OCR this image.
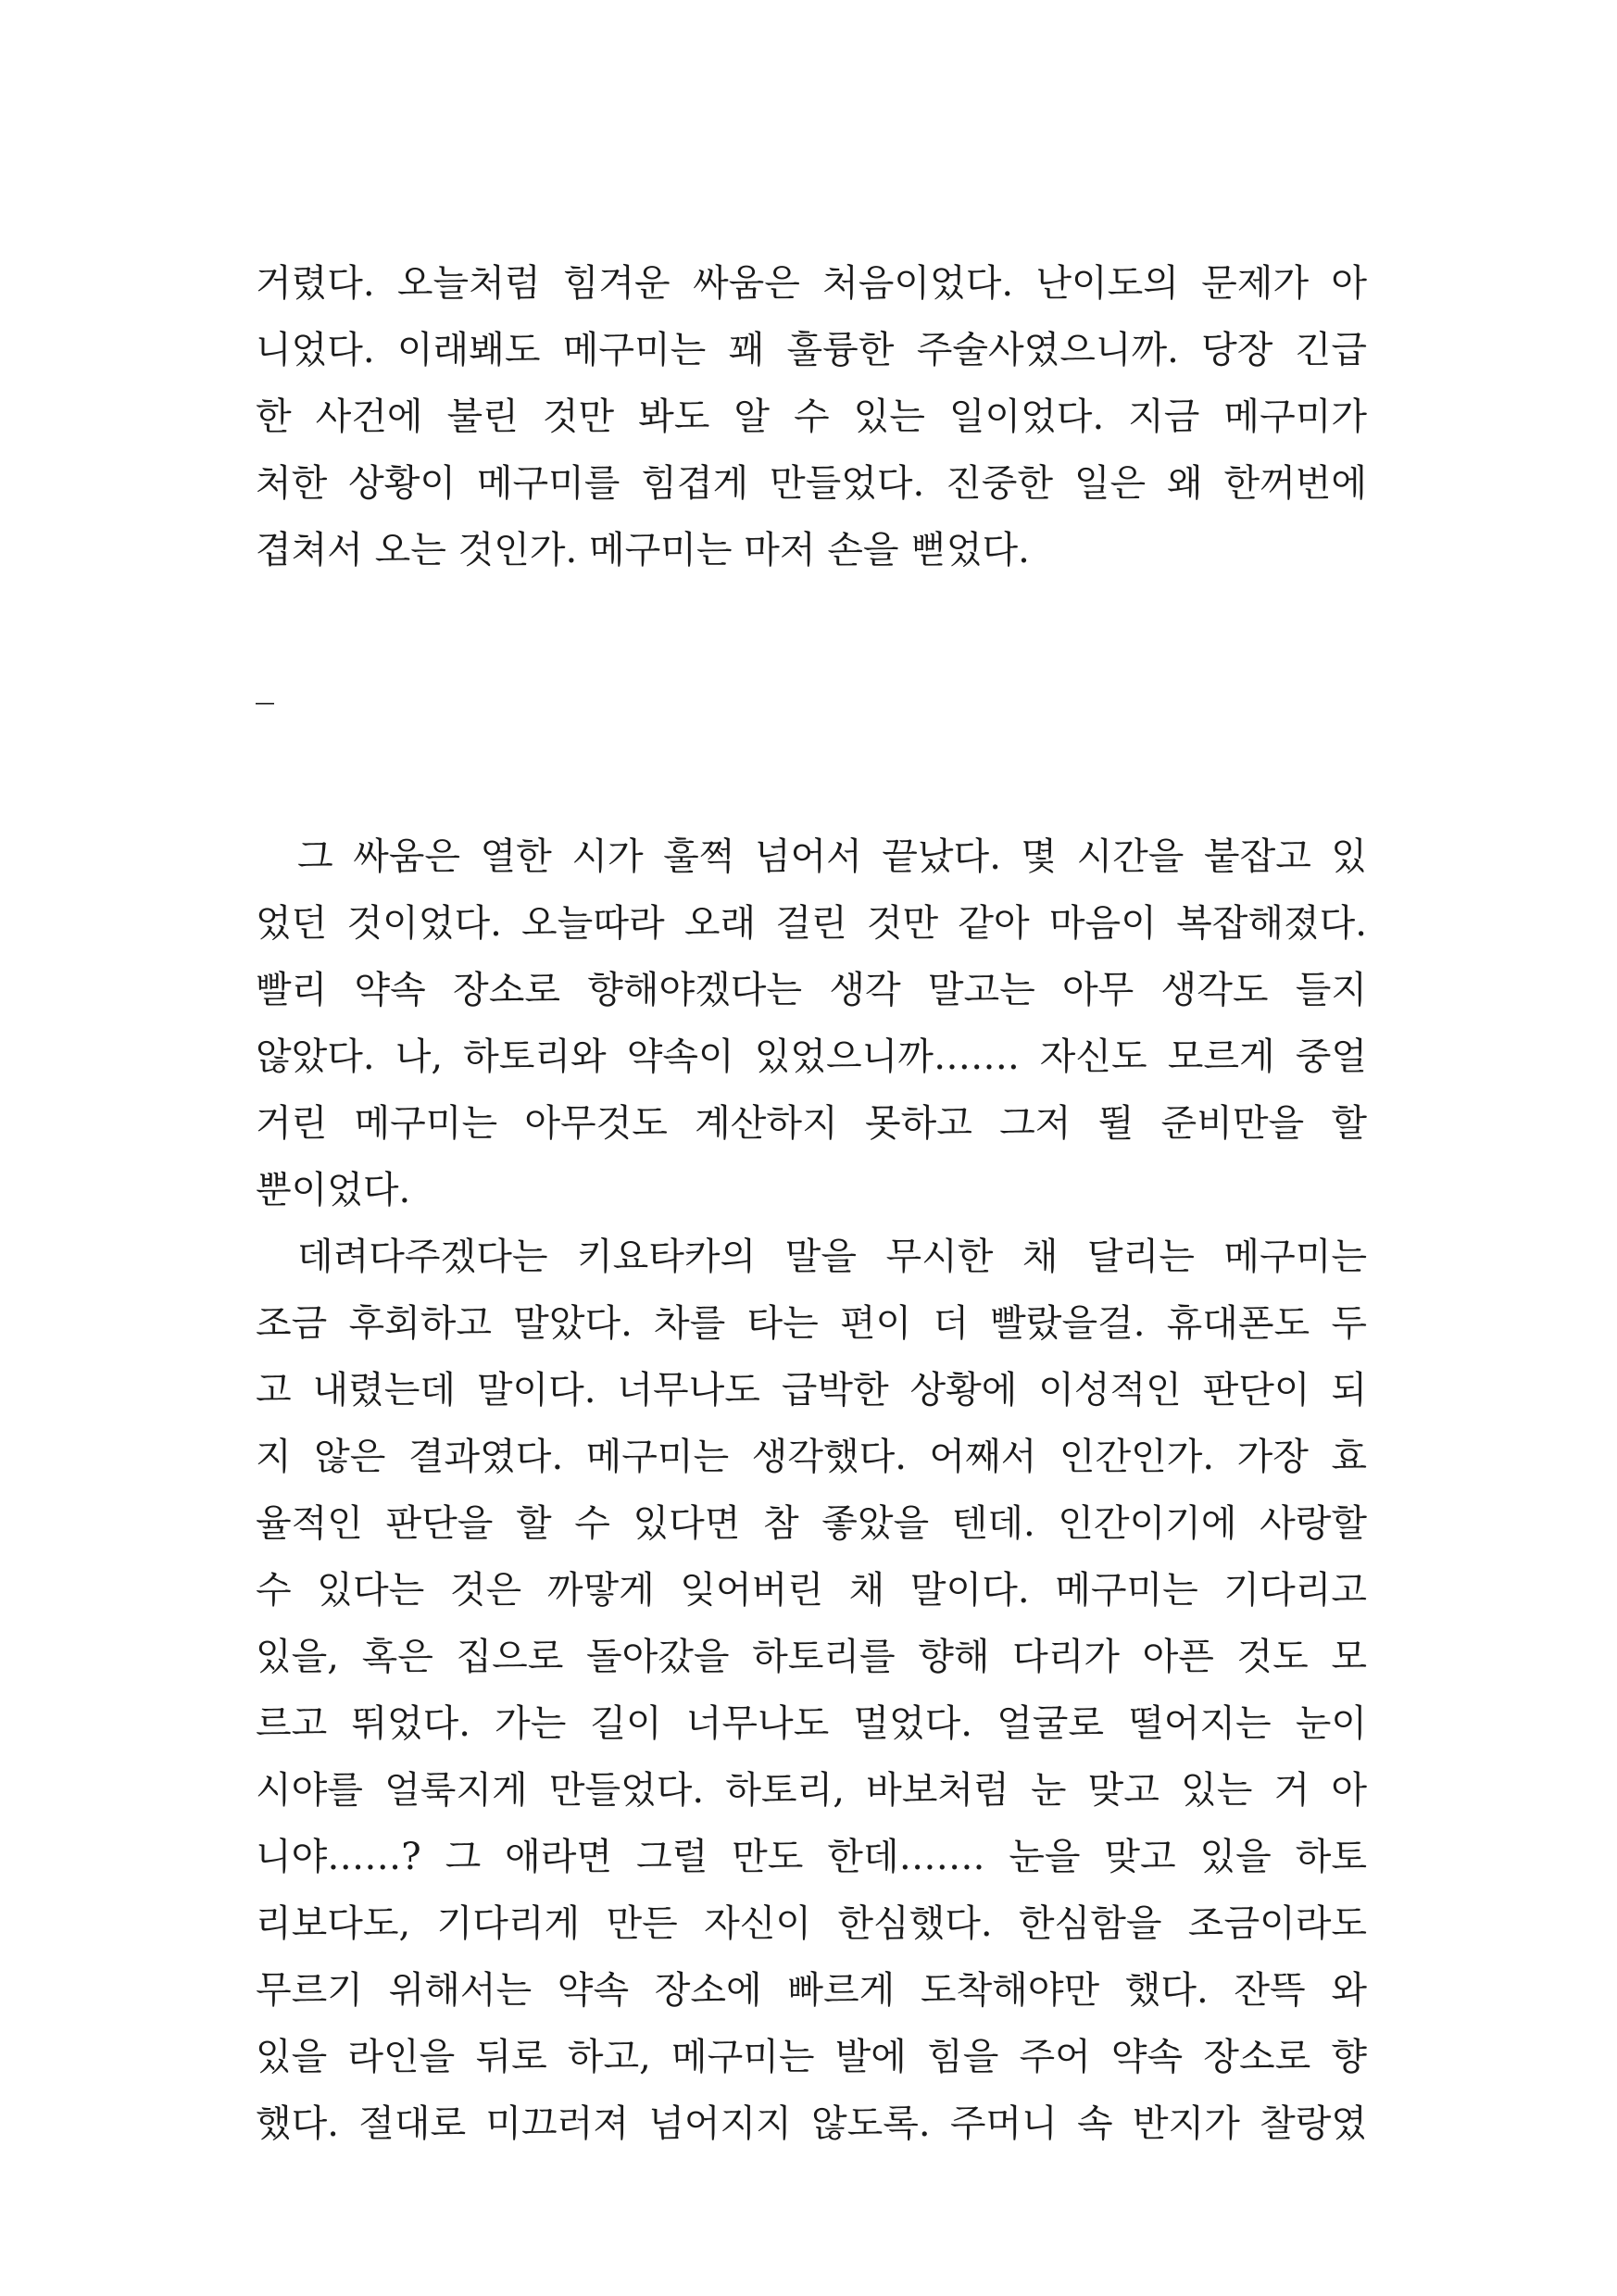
거렸다. 오늘처럼 힘겨운 싸움은 처음이었다. 난이도의 문제가 아
니었다. 이래봬도 메구미는 꽤 훌륭한 주술사였으니까. 당장 긴급
한 사건에 불린 것만 봐도 알 수 있는 일이었다. 지금 메구미가
처한 상황이 메구미를 힘겹게 만들었다. 진중한 일은 왜 한꺼번에
겹쳐서 오는 것인가. 메구미는 마저 손을 뻗었다.
_
그 싸움은 열한 시가 훌쩍 넘어서 끝났다. 몇 시간을 붙잡고 있
었던 것이었다. 오늘따라 오래 걸린 것만 같아 마음이 복잡해졌다.
빨리 약속 장소로 향해야겠다는 생각 말고는 아무 생각도 들지
않았다. 나, 하토리와 약속이 있었으니까……. 자신도 모르게 중얼
거린 메구미는 아무것도 계산하지 못하고 그저 뛸 준비만을 할
뿐이었다.
데려다주겠다는 키요타카의 말을 무시한 채 달리는 메구미는
조금 후회하고 말았다. 차를 타는 편이 더 빨랐을걸. 휴대폰도 두
고 내렸는데 말이다. 너무나도 급박한 상황에 이성적인 판단이 되
지 않은 결과였다. 메구미는 생각했다. 어째서 인간인가. 가장 효
율적인 판단을 할 수 있다면 참 좋았을 텐데. 인간이기에 사랑할
수 있다는 것은 까맣게 잊어버린 채 말이다. 메구미는 기다리고
있을, 혹은 집으로 돌아갔을 하토리를 향해 다리가 아픈 것도 모
르고 뛰었다. 가는 길이 너무나도 멀었다. 얼굴로 떨어지는 눈이
시야를 얼룩지게 만들었다. 하토리, 바보처럼 눈 맞고 있는 거 아
니야……? 그 애라면 그럴 만도 한데……. 눈을 맞고 있을 하토
리보다도, 기다리게 만든 자신이 한심했다. 한심함을 조금이라도
무르기 위해서는 약속 장소에 빠르게 도착해야만 했다. 잔뜩 와
있을 라인을 뒤로 하고, 메구미는 발에 힘을 주어 약속 장소로 향
했다. 절대로 미끄러져 넘어지지 않도록. 주머니 속 반지가 찰랑였
